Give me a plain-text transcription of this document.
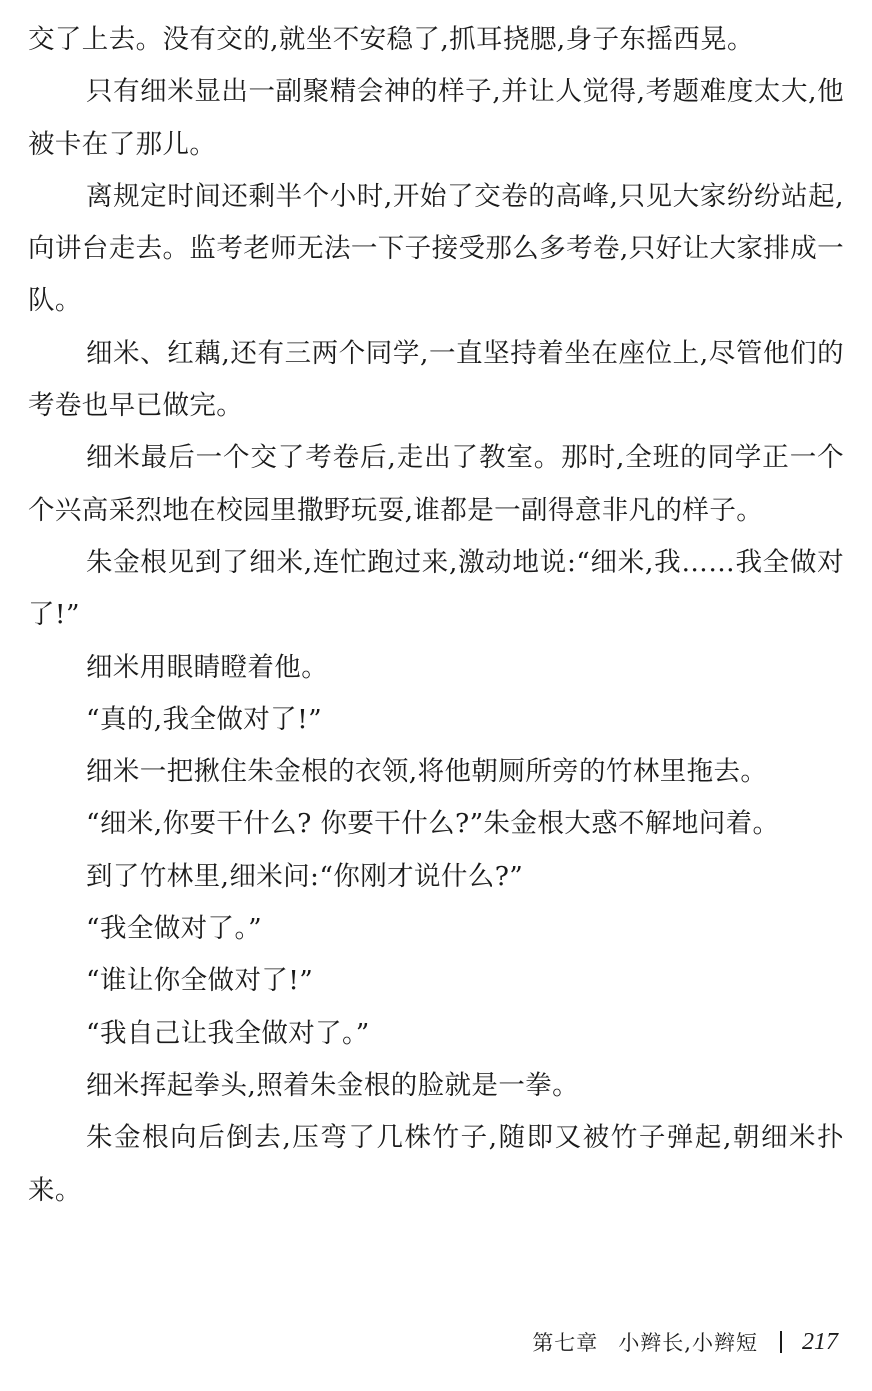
交了上去。没有交的,就坐不安稳了,抓耳挠腮,身子东摇西晃。

只有细米显出一副聚精会神的样子,并让人觉得,考题难度太大,他被卡在了那儿。

离规定时间还剩半个小时,开始了交卷的高峰,只见大家纷纷站起,向讲台走去。监考老师无法一下子接受那么多考卷,只好让大家排成一队。

细米、红藕,还有三两个同学,一直坚持着坐在座位上,尽管他们的考卷也早已做完。

细米最后一个交了考卷后,走出了教室。那时,全班的同学正一个个兴高采烈地在校园里撒野玩耍,谁都是一副得意非凡的样子。

朱金根见到了细米,连忙跑过来,激动地说:“细米,我……我全做对了!”

细米用眼睛瞪着他。

“真的,我全做对了!”

细米一把揪住朱金根的衣领,将他朝厕所旁的竹林里拖去。

“细米,你要干什么? 你要干什么?”朱金根大惑不解地问着。

到了竹林里,细米问:“你刚才说什么?”

“我全做对了。”

“谁让你全做对了!”

“我自己让我全做对了。”

细米挥起拳头,照着朱金根的脸就是一拳。

朱金根向后倒去,压弯了几株竹子,随即又被竹子弹起,朝细米扑来。

第七章 小辫长,小辫短 217
